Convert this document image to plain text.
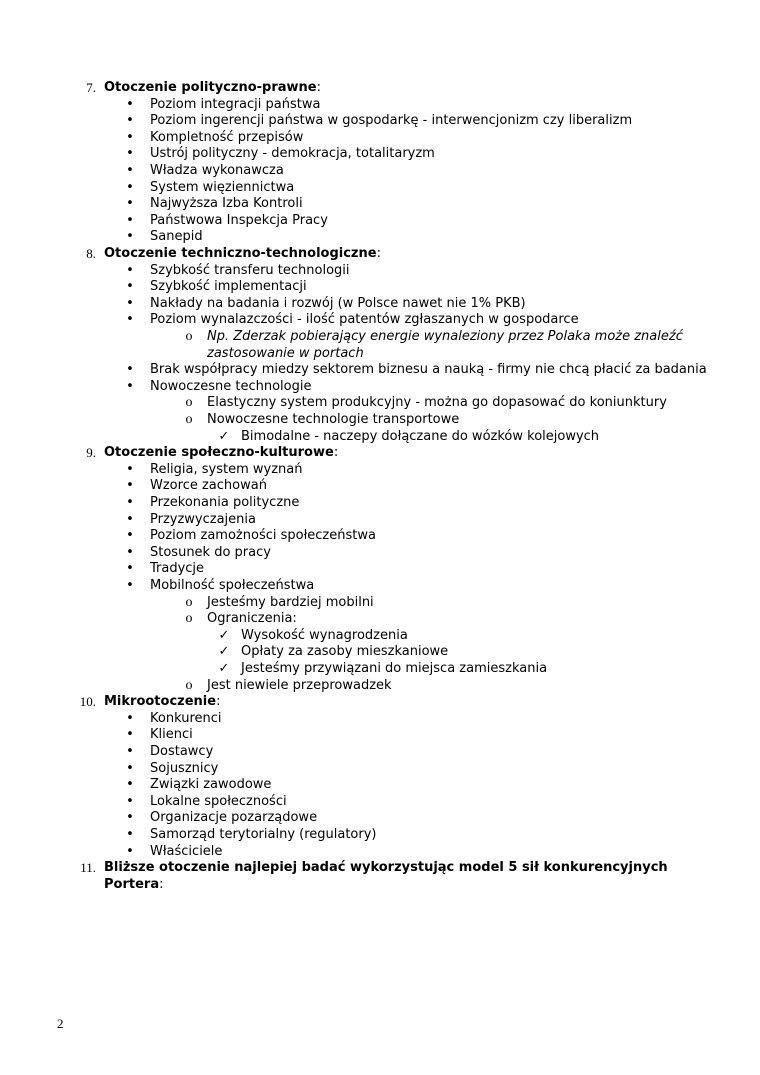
7. Otoczenie polityczno-prawne:
• Poziom integracji państwa
• Poziom ingerencji państwa w gospodarkę - interwencjonizm czy liberalizm
• Kompletność przepisów
• Ustrój polityczny - demokracja, totalitaryzm
• Władza wykonawcza
• System więziennictwa
• Najwyższa Izba Kontroli
• Państwowa Inspekcja Pracy
• Sanepid
8. Otoczenie techniczno-technologiczne:
• Szybkość transferu technologii
• Szybkość implementacji
• Nakłady na badania i rozwój (w Polsce nawet nie 1% PKB)
• Poziom wynalazczości - ilość patentów zgłaszanych w gospodarce
o Np. Zderzak pobierający energie wynaleziony przez Polaka może znaleźć
zastosowanie w portach
• Brak współpracy miedzy sektorem biznesu a nauką - firmy nie chcą płacić za badania
• Nowoczesne technologie
o Elastyczny system produkcyjny - można go dopasować do koniunktury
o Nowoczesne technologie transportowe
✓ Bimodalne - naczepy dołączane do wózków kolejowych
9. Otoczenie społeczno-kulturowe:
• Religia, system wyznań
• Wzorce zachowań
• Przekonania polityczne
• Przyzwyczajenia
• Poziom zamożności społeczeństwa
• Stosunek do pracy
• Tradycje
• Mobilność społeczeństwa
o Jesteśmy bardziej mobilni
o Ograniczenia:
✓ Wysokość wynagrodzenia
✓ Opłaty za zasoby mieszkaniowe
✓ Jesteśmy przywiązani do miejsca zamieszkania
o Jest niewiele przeprowadzek
10. Mikrootoczenie:
• Konkurenci
• Klienci
• Dostawcy
• Sojusznicy
• Związki zawodowe
• Lokalne społeczności
• Organizacje pozarządowe
• Samorząd terytorialny (regulatory)
• Właściciele
11. Bliższe otoczenie najlepiej badać wykorzystując model 5 sił konkurencyjnych
Portera:
2
